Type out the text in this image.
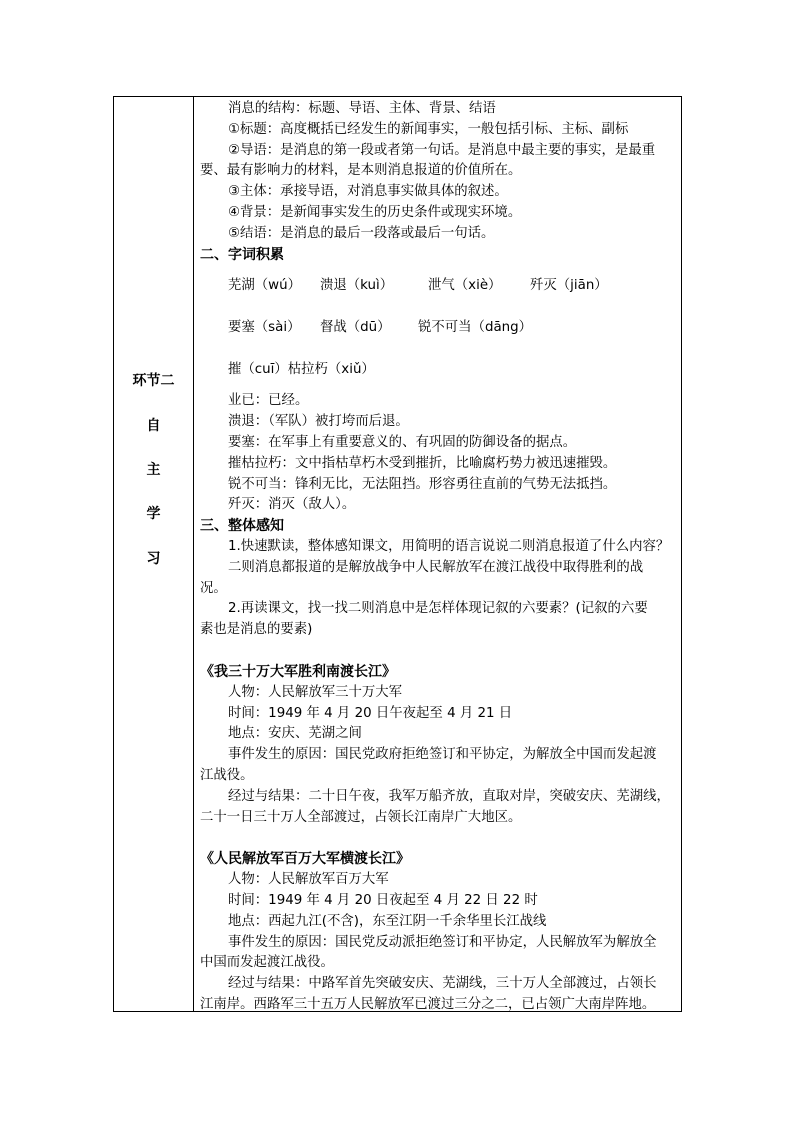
环节二
自
主
学
习
消息的结构：标题、导语、主体、背景、结语
①标题：高度概括已经发生的新闻事实，一般包括引标、主标、副标
②导语：是消息的第一段或者第一句话。是消息中最主要的事实，是最重
要、最有影响力的材料，是本则消息报道的价值所在。
③主体：承接导语，对消息事实做具体的叙述。
④背景：是新闻事实发生的历史条件或现实环境。
⑤结语：是消息的最后一段落或最后一句话。
二、字词积累
芜湖（wú）	溃退（kuì）	泄气（xiè）	歼灭（jiān）
要塞（sài）	督战（dū）	锐不可当（dāng）
摧（cuī）枯拉朽（xiǔ）
业已：已经。
溃退：（军队）被打垮而后退。
要塞：在军事上有重要意义的、有巩固的防御设备的据点。
摧枯拉朽：文中指枯草朽木受到摧折，比喻腐朽势力被迅速摧毁。
锐不可当：锋利无比，无法阻挡。形容勇往直前的气势无法抵挡。
歼灭：消灭（敌人）。
三、整体感知
1.快速默读，整体感知课文，用简明的语言说说二则消息报道了什么内容？
二则消息都报道的是解放战争中人民解放军在渡江战役中取得胜利的战
况。
2.再读课文，找一找二则消息中是怎样体现记叙的六要素？(记叙的六要
素也是消息的要素)
《我三十万大军胜利南渡长江》
人物：人民解放军三十万大军
时间：1949 年 4 月 20 日午夜起至 4 月 21 日
地点：安庆、芜湖之间
事件发生的原因：国民党政府拒绝签订和平协定，为解放全中国而发起渡
江战役。
经过与结果：二十日午夜，我军万船齐放，直取对岸，突破安庆、芜湖线，
二十一日三十万人全部渡过，占领长江南岸广大地区。
《人民解放军百万大军横渡长江》
人物：人民解放军百万大军
时间：1949 年 4 月 20 日夜起至 4 月 22 日 22 时
地点：西起九江(不含)，东至江阴一千余华里长江战线
事件发生的原因：国民党反动派拒绝签订和平协定，人民解放军为解放全
中国而发起渡江战役。
经过与结果：中路军首先突破安庆、芜湖线，三十万人全部渡过，占领长
江南岸。西路军三十五万人民解放军已渡过三分之二，已占领广大南岸阵地。
